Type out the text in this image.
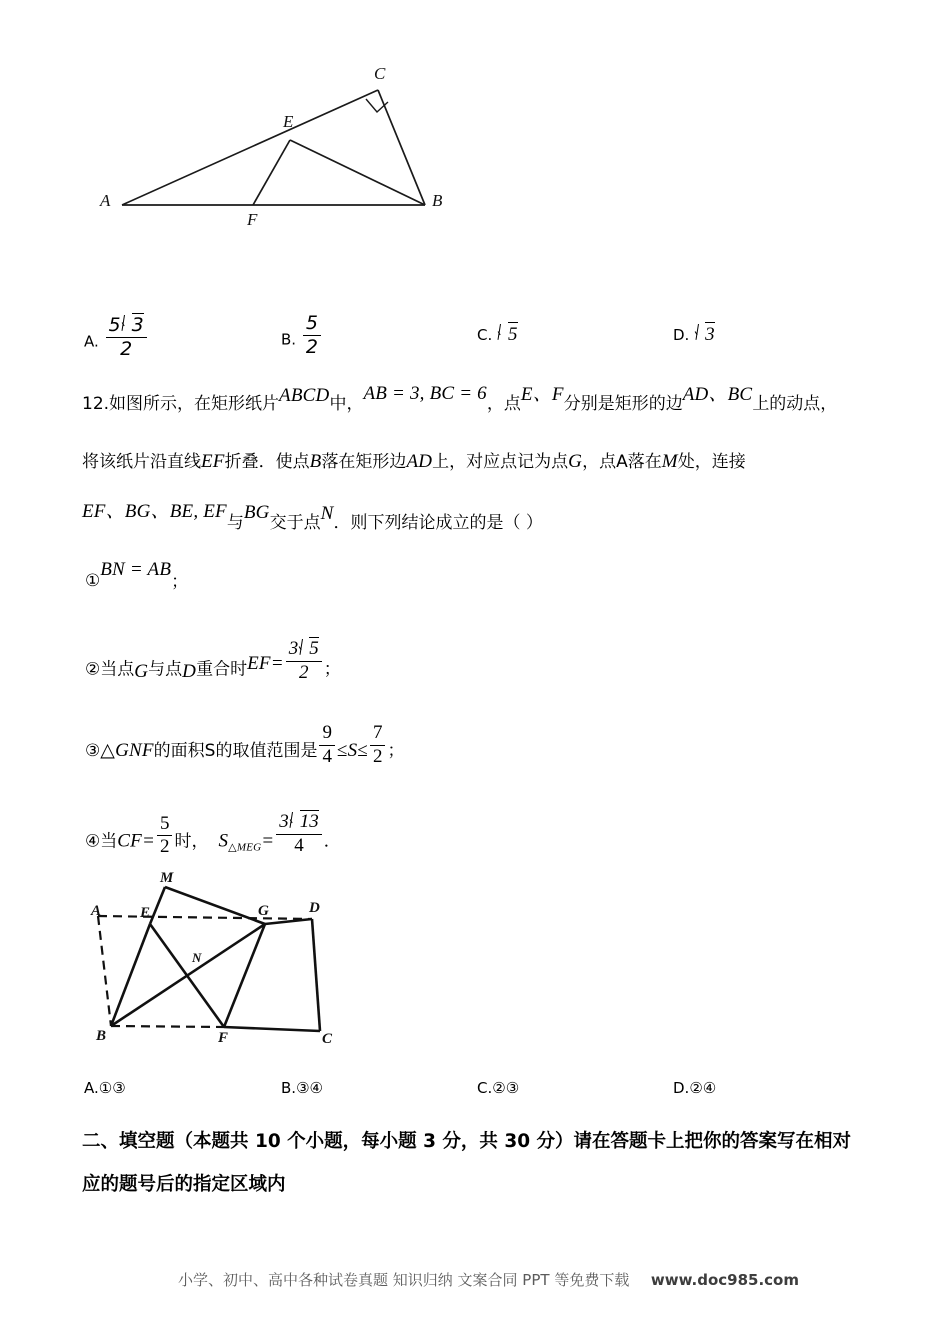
A	B
C
E
F
A. $\frac{5 3}{2}$	B. $\frac{5}{2}$	C. 5	D. 3
12.如图所示，在矩形纸片ABCD中，AB = 3, BC = 6，点E、F分别是矩形的边AD、BC上的动点，
将该纸片沿直线EF折叠．使点B落在矩形边AD上，对应点记为点G，点A落在M处，连接
EF、BG、BE, EF与BG交于点N．则下列结论成立的是（ ）
①BN = AB；
②当点G与点D重合时$EF= \frac{3 5}{2}$ ；
③△GNF的面积S的取值范围是 $\frac{9}{4} \le S\le \frac{7}{2}$ ；
④当$CF= \frac{5}{2}$ 时， $S_{\triangle MEG}= \frac{3 13}{4}$ ．
A
M
E	G	D
N
B	F	C
A.①③	B.③④	C.②③	D.②④
二、填空题（本题共 10 个小题，每小题 3 分，共 30 分）请在答题卡上把你的答案写在相对
应的题号后的指定区域内
小学、初中、高中各种试卷真题 知识归纳 文案合同 PPT 等免费下载 www.doc985.com
